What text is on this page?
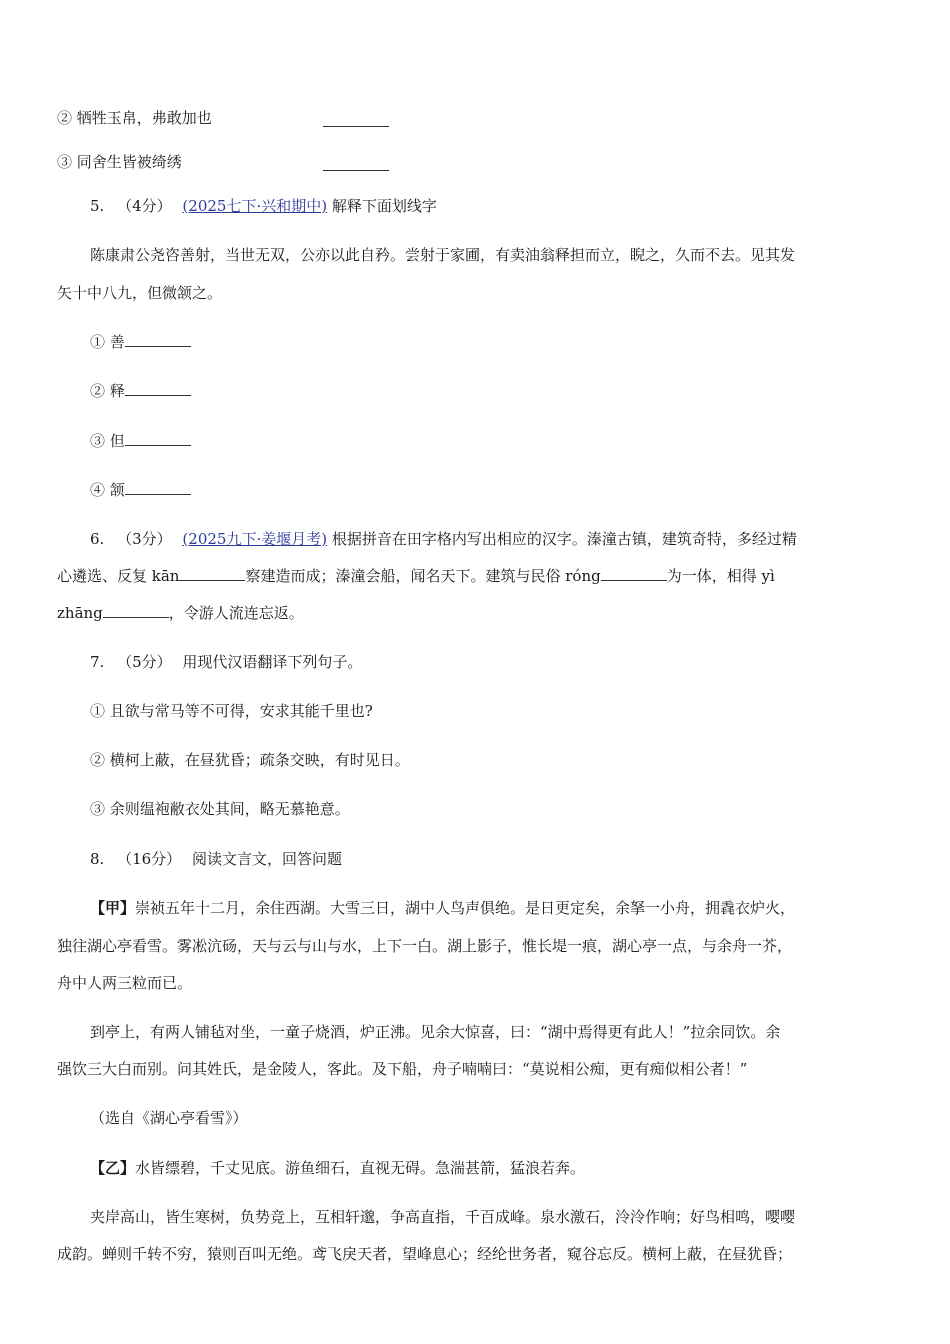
② 牺牲玉帛，弗敢加也
③ 同舍生皆被绮绣
5. （4分） (2025七下·兴和期中) 解释下面划线字
陈康肃公尧咨善射，当世无双，公亦以此自矜。尝射于家圃，有卖油翁释担而立，睨之，久而不去。见其发
矢十中八九，但微颔之。
① 善
② 释
③ 但
④ 颔
6. （3分） (2025九下·姜堰月考) 根据拼音在田字格内写出相应的汉字。溱潼古镇，建筑奇特，多经过精
心遴选、反复 kān	察建造而成；溱潼会船，闻名天下。建筑与民俗 róng	为一体，相得 yì
zhāng	，令游人流连忘返。
7. （5分） 用现代汉语翻译下列句子。
① 且欲与常马等不可得，安求其能千里也?
② 横柯上蔽，在昼犹昏；疏条交映，有时见日。
③ 余则缊袍敝衣处其间，略无慕艳意。
8. （16分） 阅读文言文，回答问题
【甲】崇祯五年十二月，余住西湖。大雪三日，湖中人鸟声俱绝。是日更定矣，余拏一小舟，拥毳衣炉火，
独往湖心亭看雪。雾凇沆砀，天与云与山与水，上下一白。湖上影子，惟长堤一痕，湖心亭一点，与余舟一芥，
舟中人两三粒而已。
到亭上，有两人铺毡对坐，一童子烧酒，炉正沸。见余大惊喜，曰：“湖中焉得更有此人！”拉余同饮。余
强饮三大白而别。问其姓氏，是金陵人，客此。及下船，舟子喃喃曰：“莫说相公痴，更有痴似相公者！”
（选自《湖心亭看雪》）
【乙】水皆缥碧，千丈见底。游鱼细石，直视无碍。急湍甚箭，猛浪若奔。
夹岸高山，皆生寒树，负势竞上，互相轩邈，争高直指，千百成峰。泉水激石，泠泠作响；好鸟相鸣，嘤嘤
成韵。蝉则千转不穷，猿则百叫无绝。鸢飞戾天者，望峰息心；经纶世务者，窥谷忘反。横柯上蔽，在昼犹昏；
